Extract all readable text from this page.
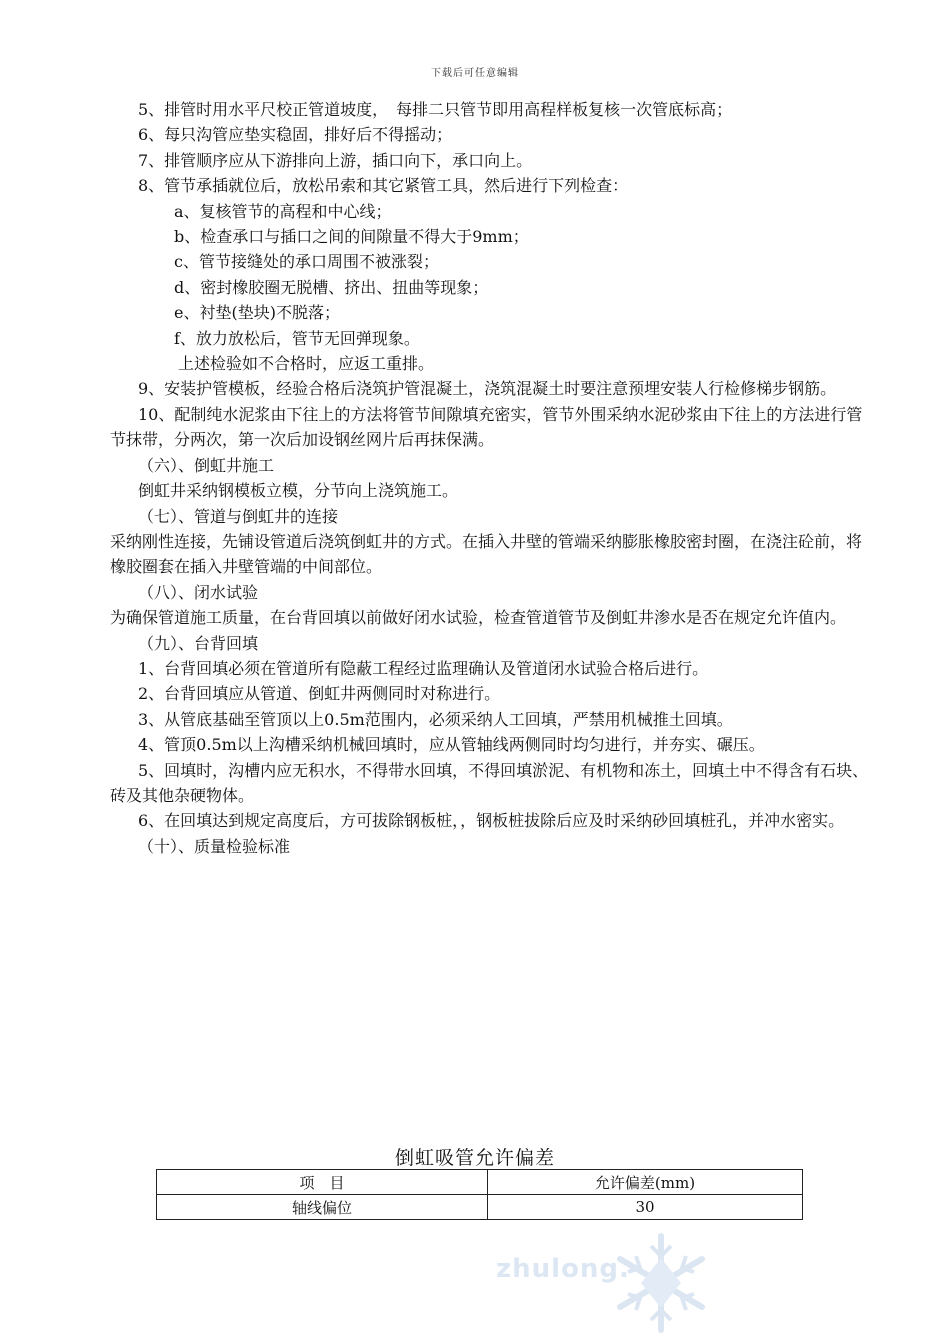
下载后可任意编辑

5、排管时用水平尺校正管道坡度，　每排二只管节即用高程样板复核一次管底标高；

6、每只沟管应垫实稳固，排好后不得摇动；

7、排管顺序应从下游排向上游，插口向下，承口向上。

8、管节承插就位后，放松吊索和其它紧管工具，然后进行下列检查：

a、复核管节的高程和中心线；

b、检查承口与插口之间的间隙量不得大于9mm；

c、管节接缝处的承口周围不被涨裂；

d、密封橡胶圈无脱槽、挤出、扭曲等现象；

e、衬垫(垫块)不脱落；

f、放力放松后，管节无回弹现象。

上述检验如不合格时，应返工重排。

9、安装护管模板，经验合格后浇筑护管混凝土，浇筑混凝土时要注意预埋安装人行检修梯步钢筋。

10、配制纯水泥浆由下往上的方法将管节间隙填充密实，管节外围采纳水泥砂浆由下往上的方法进行管节抹带，分两次，第一次后加设钢丝网片后再抹保满。

（六）、倒虹井施工

倒虹井采纳钢模板立模，分节向上浇筑施工。

（七）、管道与倒虹井的连接

采纳刚性连接，先铺设管道后浇筑倒虹井的方式。在插入井壁的管端采纳膨胀橡胶密封圈，在浇注砼前，将橡胶圈套在插入井壁管端的中间部位。

（八）、闭水试验

为确保管道施工质量，在台背回填以前做好闭水试验，检查管道管节及倒虹井渗水是否在规定允许值内。

（九）、台背回填

1、台背回填必须在管道所有隐蔽工程经过监理确认及管道闭水试验合格后进行。

2、台背回填应从管道、倒虹井两侧同时对称进行。

3、从管底基础至管顶以上0.5m范围内，必须采纳人工回填，严禁用机械推土回填。

4、管顶0.5m以上沟槽采纳机械回填时，应从管轴线两侧同时均匀进行，并夯实、碾压。

5、回填时，沟槽内应无积水，不得带水回填，不得回填淤泥、有机物和冻土，回填土中不得含有石块、砖及其他杂硬物体。

6、在回填达到规定高度后，方可拔除钢板桩，，钢板桩拔除后应及时采纳砂回填桩孔，并冲水密实。

（十）、质量检验标准

倒虹吸管允许偏差
项　目	允许偏差(mm)
轴线偏位	30
zhulong.
